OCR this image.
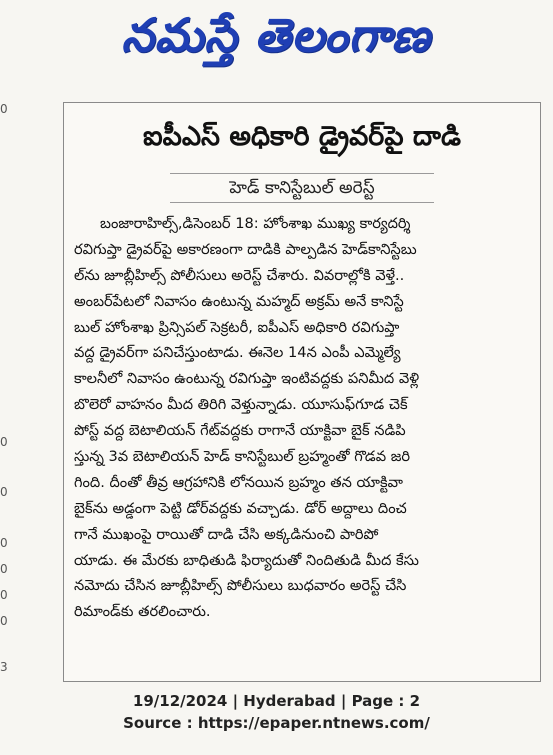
0
0
0
0
0
0
0
3
నమస్తే తెలంగాణ
ఐపీఎస్ అధికారి డ్రైవర్‌పై దాడి
హెడ్ కానిస్టేబుల్ అరెస్ట్
బంజారాహిల్స్,డిసెంబర్ 18: హోంశాఖ ముఖ్య కార్యదర్శి
రవిగుప్తా డ్రైవర్‌పై అకారణంగా దాడికి పాల్పడిన హెడ్‌కానిస్టేబు
ల్‌ను జూబ్లీహిల్స్ పోలీసులు అరెస్ట్ చేశారు. వివరాల్లోకి వెళ్తే..
అంబర్‌పేటలో నివాసం ఉంటున్న మహ్మద్ అక్రమ్ అనే కానిస్టే
బుల్ హోంశాఖ ప్రిన్సిపల్ సెక్రటరీ, ఐపీఎస్ అధికారి రవిగుప్తా
వద్ద డ్రైవర్‌గా పనిచేస్తుంటాడు. ఈనెల 14న ఎంపీ ఎమ్మెల్యే
కాలనీలో నివాసం ఉంటున్న రవిగుప్తా ఇంటివద్దకు పనిమీద వెళ్లి
బొలెరో వాహనం మీద తిరిగి వెళ్తున్నాడు. యూసుఫ్‌గూడ చెక్
పోస్ట్ వద్ద బెటాలియన్ గేట్‌వద్దకు రాగానే యాక్టివా బైక్ నడిపి
స్తున్న 3వ బెటాలియన్ హెడ్ కానిస్టేబుల్ బ్రహ్మంతో గొడవ జరి
గింది. దీంతో తీవ్ర ఆగ్రహానికి లోనయిన బ్రహ్మం తన యాక్టివా
బైక్‌ను అడ్డంగా పెట్టి డోర్‌వద్దకు వచ్చాడు. డోర్ అద్దాలు దించ
గానే ముఖంపై రాయితో దాడి చేసి అక్కడినుంచి పారిపో
యాడు. ఈ మేరకు బాధితుడి ఫిర్యాదుతో నిందితుడి మీద కేసు
నమోదు చేసిన జూబ్లీహిల్స్ పోలీసులు బుధవారం అరెస్ట్ చేసి
రిమాండ్‌కు తరలించారు.
19/12/2024 | Hyderabad | Page : 2
Source : https://epaper.ntnews.com/
